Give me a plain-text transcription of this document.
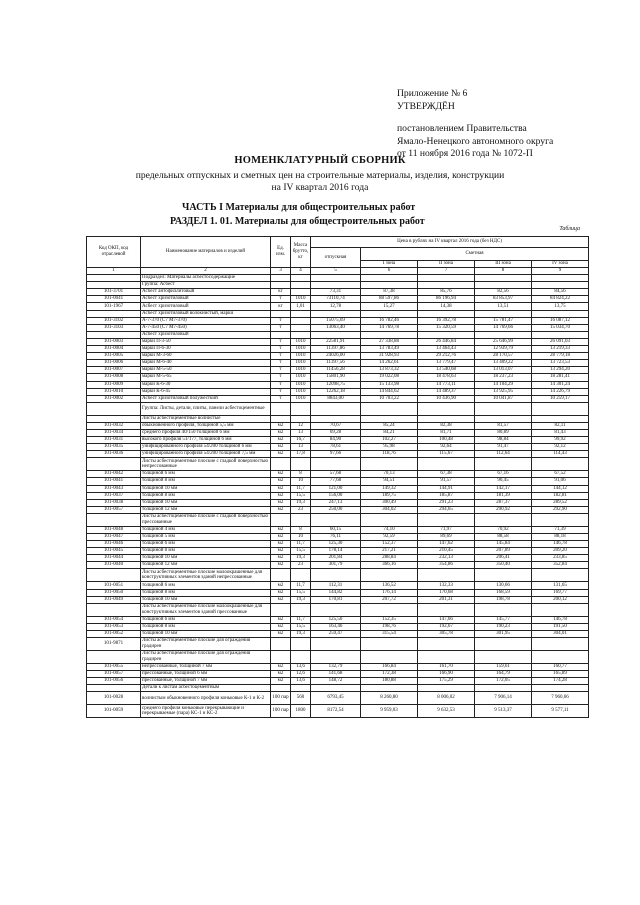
Приложение № 6
УТВЕРЖДЁН
постановлением Правительства
Ямало-Ненецкого автономного округа
от 11 ноября 2016 года № 1072-П
НОМЕНКЛАТУРНЫЙ СБОРНИК
предельных отпускных и сметных цен на строительные материалы, изделия, конструкции
на IV квартал 2016 года
ЧАСТЬ I Материалы для общестроительных работ
РАЗДЕЛ 1. 01. Материалы для общестроительных работ
Таблица
Код ОКП, код отраслевой	Наименование материалов и изделий	Ед. изм.	Масса брутто, кг	Цена в рублях на IV квартал 2016 года (без НДС)				
				отпускная	Сметная			
					I зона	II зона	III зона	IV зона
1	2	3	4	5	6	7	8	9
	Подраздел: Материалы асбестосодержащие							
	Группа: Асбест							
101-3701	Асбест антофиллитовый	кг		73,31	87,38	85,76	82,56	84,56
101-0041	Асбест хризотиловый	т	1010	73110,74	88 597,86	86 196,94	83 853,97	84 824,22
101-1967	Асбест хризотиловый	кг	1,01	12,78	15,27	14,38	13,51	13,75
	Асбест хризотиловый волокнистый, марки							
101-3102	А-7-370 (С7 М7-370)	т		15075,69	16 782,46	16 392,78	15 781,47	16 087,12
101-3103	А-7-450 (С7 М7-450)	т		13063,40	14 769,78	15 320,59	14 769,66	15 034,70
	Асбест хризотиловый							
101-0003	марки П-3-50	т	1010	22581,91	27 338,88	26 446,84	25 646,99	26 091,03
101-0004	марки П-6-30	т	1010	11397,86	13 783,49	13 464,43	12 939,79	13 219,33
101-0005	марки М-3-60	т	1010	24026,00	31 928,93	29 212,76	28 170,57	28 779,18
101-0006	марки М-6-40	т	1010	11397,56	14 262,61	13 779,47	13 409,22	13 723,53
101-0007	марки М-5-50	т	1010	11456,28	13 873,32	13 540,68	13 013,07	13 294,20
101-0008	марки М-5-65	т	1010	15801,90	19 022,08	18 478,63	18 237,23	18 281,41
101-0009	марки К-6-30	т	1010	12098,75	15 133,98	14 773,11	14 104,29	14 301,24
101-0010	марки К-6-45	т	1010	12262,18	14 844,62	14 489,37	13 925,95	14 226,79
101-0002	Асбест хризотиловый полужесткий	т	1010	8843,00	10 703,22	10 436,90	10 041,87	10 259,17
	Группа: Листы, детали, плиты, панели асбестоцементные							
	Листы асбестоцементные волнистые							
101-0032	обыкновенного профиля, толщиной 5,5 мм	м2	12	70,67	85,24	82,38	81,57	82,11
101-0034	среднего профиля 40/150 толщиной 6 мм	м2	13	69,28	84,21	81,71	80,89	81,43
101-0031	высокого профиля 51/177, толщиной 6 мм	м2	16,7	84,90	102,27	100,48	98,84	99,92
101-0035	унифицированного профиля 54/200 толщиной 6 мм	м2	13	78,61	95,98	92,64	91,47	92,12
101-0036	унифицированного профиля 54/200 толщиной 7,5 мм	м2	17,8	97,66	118,76	115,67	112,64	114,43
	Листы асбестоцементные плоские с гладкой поверхностью непрессованные							
101-0042	толщиной 6 мм	м2	8	57,68	70,13	67,38	67,16	67,52
101-0041	толщиной 8 мм	м2	10	77,68	94,51	91,57	90,45	91,06
101-0043	толщиной 10 мм	м2	11,7	121,00	149,32	144,91	142,17	144,12
101-0037	толщиной 8 мм	м2	15,5	156,00	189,75	185,87	181,39	182,81
101-0038	толщиной 10 мм	м2	19,3	247,13	300,49	291,23	287,37	289,52
101-0057	толщиной 12 мм	м2	23	250,00	304,02	294,65	290,92	292,90
	Листы асбестоцементные плоские с гладкой поверхностью прессованные							
101-0048	толщиной 4 мм	м2	8	60,15	74,10	71,97	70,92	71,39
101-0047	толщиной 5 мм	м2	10	76,11	92,59	89,69	88,58	88,18
101-0046	толщиной 6 мм	м2	11,7	125,30	152,37	147,62	145,84	146,78
101-0045	толщиной 8 мм	м2	15,5	178,14	217,21	210,45	207,89	209,20
101-0044	толщиной 10 мм	м2	19,3	201,84	288,84	232,13	206,41	233,85
101-0040	толщиной 12 мм	м2	23	301,79	366,16	354,86	350,40	352,84
	Листы асбестоцементные плоские малоокрашенные для конструктивных элементов зданий непрессованные							
101-0051	толщиной 6 мм	м2	11,7	112,31	136,52	132,33	130,66	131,65
101-0050	толщиной 8 мм	м2	15,5	144,82	176,14	170,68	168,59	169,77
101-0049	толщиной 10 мм	м2	19,3	170,81	207,72	201,31	198,78	200,12
	Листы асбестоцементные плоские малоокрашенные для конструктивных элементов зданий прессованные							
101-0054	толщиной 6 мм	м2	11,7	125,50	152,35	147,66	145,77	146,78
101-0053	толщиной 8 мм	м2	15,5	163,46	198,76	192,67	190,23	191,50
101-0052	толщиной 10 мм	м2	19,3	259,47	315,54	305,78	301,95	304,01
101-9871	Листы асбестоцементные плоские для ограждения градирен							
	Листы асбестоцементные плоские для ограждения градирен							
101-0055	непрессованные, толщиной 7 мм	м2	13,6	132,79	166,84	161,70	159,61	160,77
101-0057	прессованные, толщиной 6 мм	м2	12,6	141,68	172,38	166,90	164,79	165,89
101-0056	прессованные, толщиной 7 мм	м2	13,6	148,72	180,88	175,29	172,05	174,28
	Детали к листам асбестоцементным							
101-0028	волнистым обыкновенного профиля коньковые К-1 и К-2	100 пар	560	6793,45	8 260,80	8 006,02	7 906,14	7 960,66
101-0059	среднего профиля коньковые перекрывающие и перекрываемые (пара) КС-1 и КС-2	100 пар	1800	8172,54	9 959,03	9 632,53	9 513,37	9 577,11
